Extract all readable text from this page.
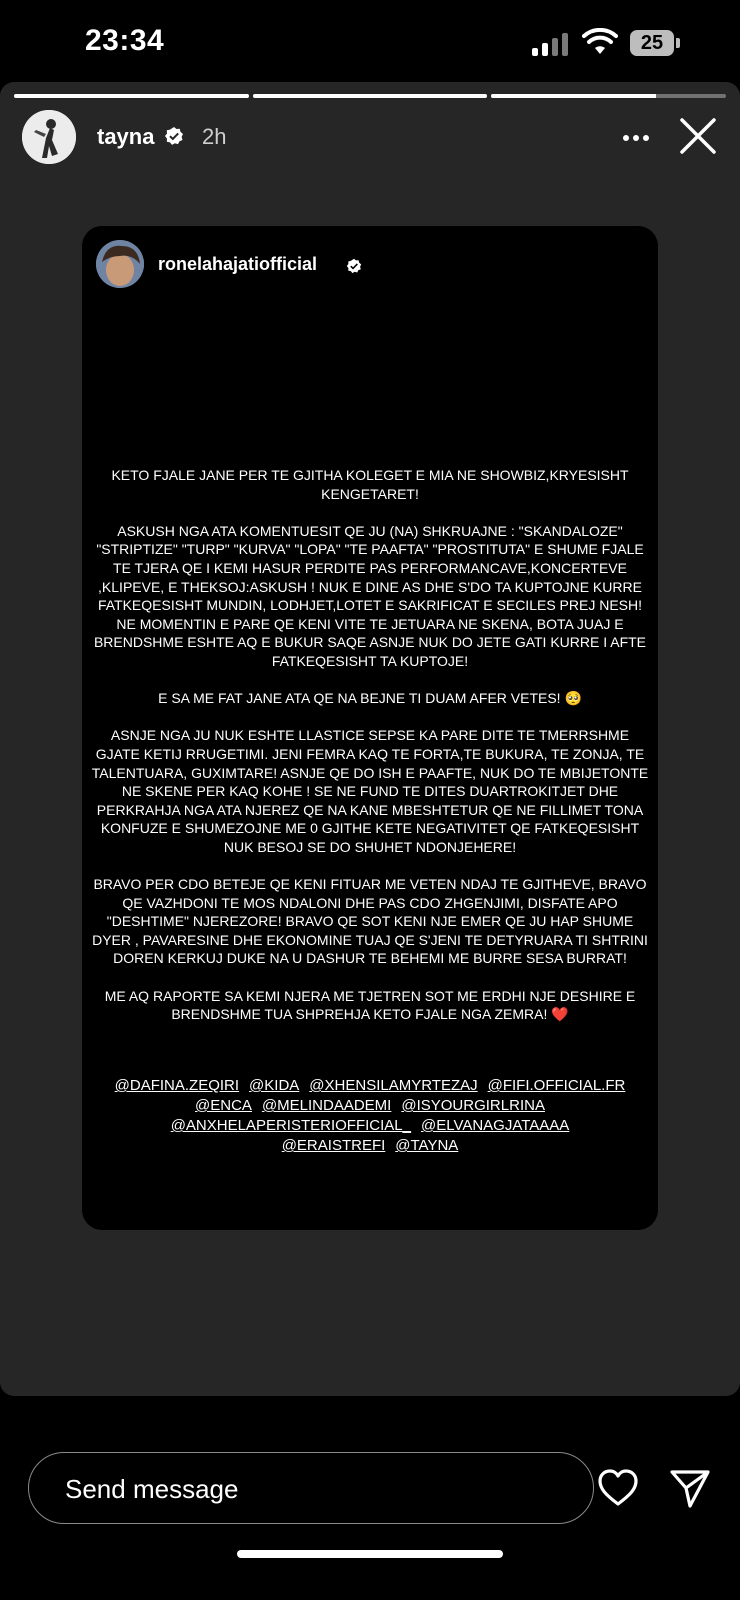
23:34	25
tayna 2h
ronelahajatiofficial

KETO FJALE JANE PER TE GJITHA KOLEGET E MIA NE SHOWBIZ,KRYESISHT KENGETARET!

ASKUSH NGA ATA KOMENTUESIT QE JU (NA) SHKRUAJNE : "SKANDALOZE" "STRIPTIZE" "TURP" "KURVA" "LOPA" "TE PAAFTA" "PROSTITUTA" E SHUME FJALE TE TJERA QE I KEMI HASUR PERDITE PAS PERFORMANCAVE,KONCERTEVE ,KLIPEVE, E THEKSOJ:ASKUSH ! NUK E DINE AS DHE S'DO TA KUPTOJNE KURRE FATKEQESISHT MUNDIN, LODHJET,LOTET E SAKRIFICAT E SECILES PREJ NESH! NE MOMENTIN E PARE QE KENI VITE TE JETUARA NE SKENA, BOTA JUAJ E BRENDSHME ESHTE AQ E BUKUR SAQE ASNJE NUK DO JETE GATI KURRE I AFTE FATKEQESISHT TA KUPTOJE!

E SA ME FAT JANE ATA QE NA BEJNE TI DUAM AFER VETES! 🥺

ASNJE NGA JU NUK ESHTE LLASTICE SEPSE KA PARE DITE TE TMERRSHME GJATE KETIJ RRUGETIMI. JENI FEMRA KAQ TE FORTA,TE BUKURA, TE ZONJA, TE TALENTUARA, GUXIMTARE! ASNJE QE DO ISH E PAAFTE, NUK DO TE MBIJETONTE NE SKENE PER KAQ KOHE ! SE NE FUND TE DITES DUARTROKITJET DHE PERKRAHJA NGA ATA NJEREZ QE NA KANE MBESHTETUR QE NE FILLIMET TONA KONFUZE E SHUMEZOJNE ME 0 GJITHE KETE NEGATIVITET QE FATKEQESISHT NUK BESOJ SE DO SHUHET NDONJEHERE!

BRAVO PER CDO BETEJE QE KENI FITUAR ME VETEN NDAJ TE GJITHEVE, BRAVO QE VAZHDONI TE MOS NDALONI DHE PAS CDO ZHGENJIMI, DISFATE APO "DESHTIME" NJEREZORE! BRAVO QE SOT KENI NJE EMER QE JU HAP SHUME DYER , PAVARESINE DHE EKONOMINE TUAJ QE S'JENI TE DETYRUARA TI SHTRINI DOREN KERKUJ DUKE NA U DASHUR TE BEHEMI ME BURRE SESA BURRAT!

ME AQ RAPORTE SA KEMI NJERA ME TJETREN SOT ME ERDHI NJE DESHIRE E BRENDSHME TUA SHPREHJA KETO FJALE NGA ZEMRA! ❤️

@DAFINA.ZEQIRI @KIDA @XHENSILAMYRTEZAJ @FIFI.OFFICIAL.FR
@ENCA @MELINDAADEMI @ISYOURGIRLRINA
@ANXHELAPERISTERIOFFICIAL_ @ELVANAGJATAAAA
@ERAISTREFI @TAYNA
Send message
